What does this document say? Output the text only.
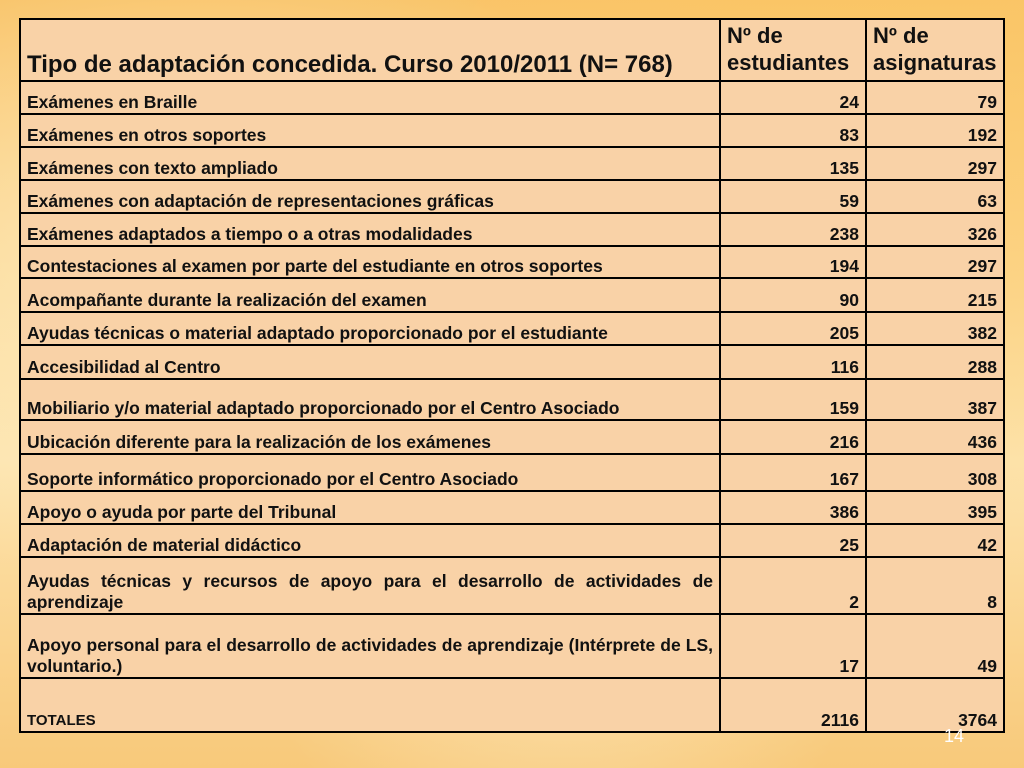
Tipo de adaptación concedida. Curso 2010/2011 (N= 768)	Nº de estudiantes	Nº de asignaturas
Exámenes en Braille	24	79
Exámenes en otros soportes	83	192
Exámenes con texto ampliado	135	297
Exámenes con adaptación de representaciones gráficas	59	63
Exámenes adaptados a tiempo o a otras modalidades	238	326
Contestaciones al examen por parte del estudiante en otros soportes	194	297
Acompañante durante la realización del examen	90	215
Ayudas técnicas o material adaptado proporcionado por el estudiante	205	382
Accesibilidad al Centro	116	288
Mobiliario y/o material adaptado proporcionado por el Centro Asociado	159	387
Ubicación diferente para la realización de los exámenes	216	436
Soporte informático proporcionado por el Centro Asociado	167	308
Apoyo o ayuda por parte del Tribunal	386	395
Adaptación de material didáctico	25	42
Ayudas técnicas y recursos de apoyo para el desarrollo de actividades de aprendizaje	2	8
Apoyo personal para el desarrollo de actividades de aprendizaje (Intérprete de LS, voluntario.)	17	49
TOTALES	2116	3764
14
